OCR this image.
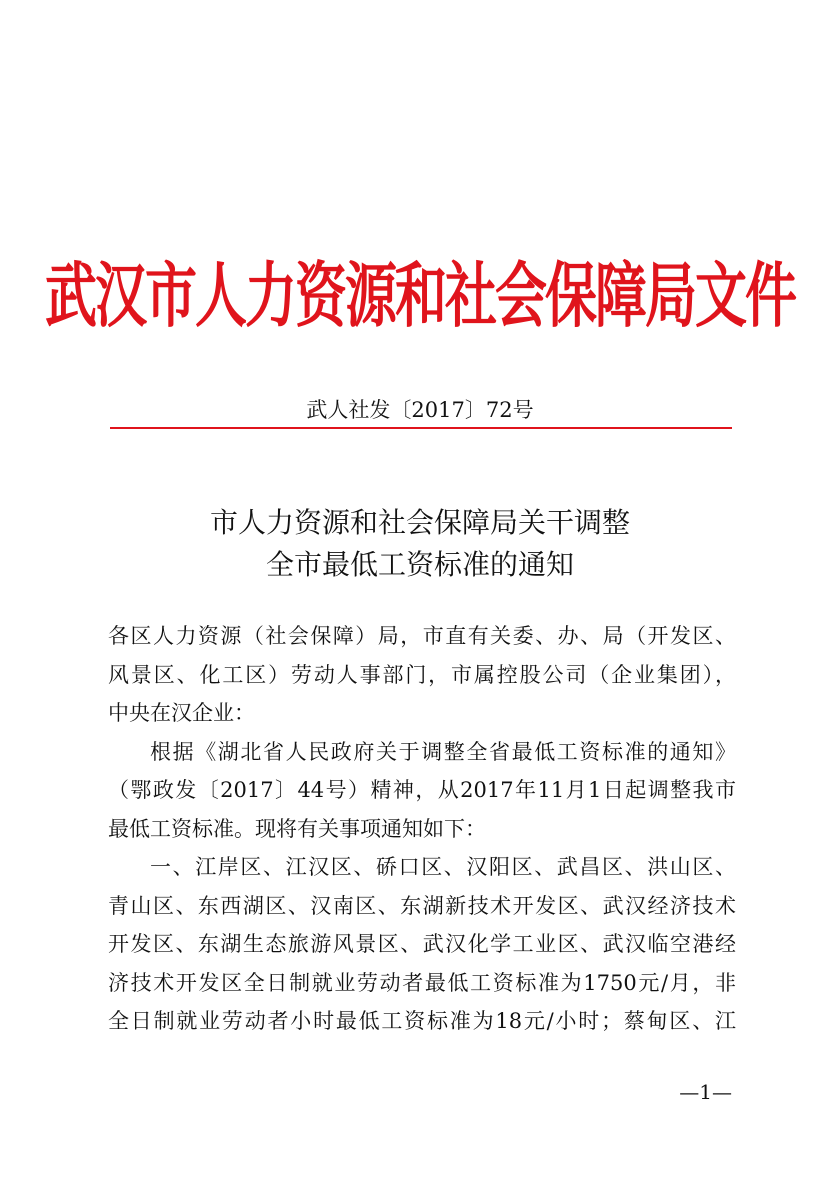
武汉市人力资源和社会保障局文件
武人社发〔2017〕72号
市人力资源和社会保障局关干调整
全市最低工资标准的通知

各区人力资源（社会保障）局，市直有关委、办、局（开发区、

风景区、化工区）劳动人事部门，市属控股公司（企业集团），

中央在汉企业：

根据《湖北省人民政府关于调整全省最低工资标准的通知》

（鄂政发〔2017〕44号）精神，从2017年11月1日起调整我市

最低工资标准。现将有关事项通知如下：

一、江岸区、江汉区、硚口区、汉阳区、武昌区、洪山区、

青山区、东西湖区、汉南区、东湖新技术开发区、武汉经济技术

开发区、东湖生态旅游风景区、武汉化学工业区、武汉临空港经

济技术开发区全日制就业劳动者最低工资标准为1750元/月，非

全日制就业劳动者小时最低工资标准为18元/小时；蔡甸区、江

—1—
